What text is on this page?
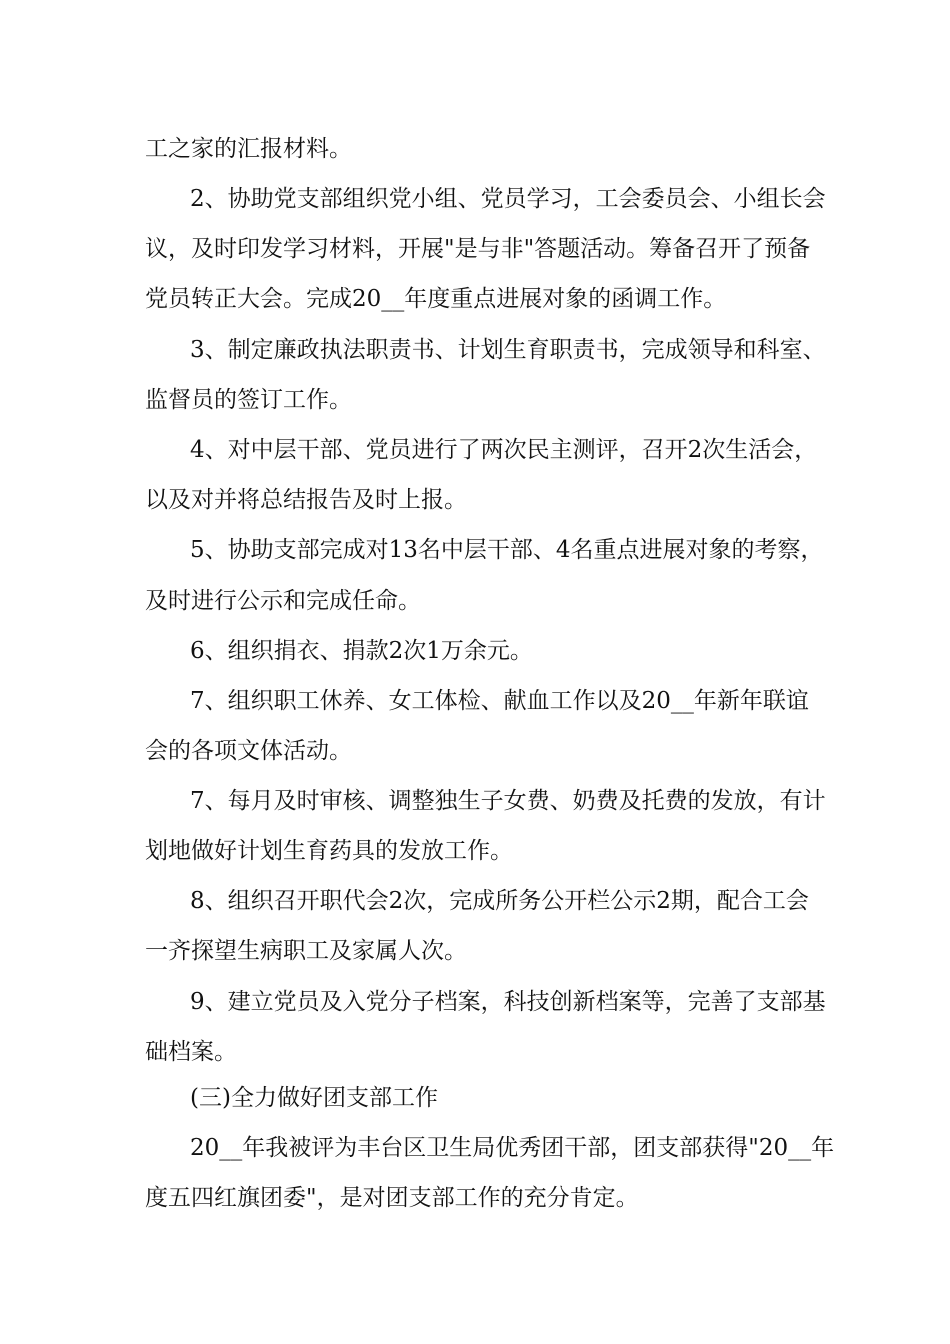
工之家的汇报材料。

2、协助党支部组织党小组、党员学习，工会委员会、小组长会

议，及时印发学习材料，开展"是与非"答题活动。筹备召开了预备

党员转正大会。完成20__年度重点进展对象的函调工作。

3、制定廉政执法职责书、计划生育职责书，完成领导和科室、

监督员的签订工作。

4、对中层干部、党员进行了两次民主测评，召开2次生活会，

以及对并将总结报告及时上报。

5、协助支部完成对13名中层干部、4名重点进展对象的考察，

及时进行公示和完成任命。

6、组织捐衣、捐款2次1万余元。

7、组织职工休养、女工体检、献血工作以及20__年新年联谊

会的各项文体活动。

7、每月及时审核、调整独生子女费、奶费及托费的发放，有计

划地做好计划生育药具的发放工作。

8、组织召开职代会2次，完成所务公开栏公示2期，配合工会

一齐探望生病职工及家属人次。

9、建立党员及入党分子档案，科技创新档案等，完善了支部基

础档案。

(三)全力做好团支部工作

20__年我被评为丰台区卫生局优秀团干部，团支部获得"20__年

度五四红旗团委"，是对团支部工作的充分肯定。
